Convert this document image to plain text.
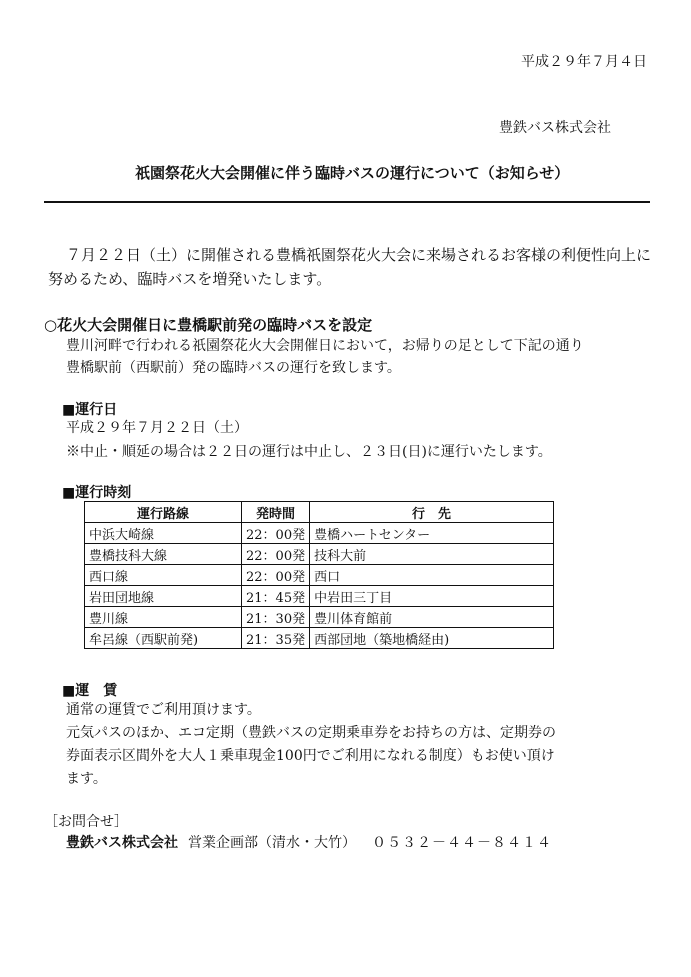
平成２９年７月４日
豊鉄バス株式会社
祇園祭花火大会開催に伴う臨時バスの運行について（お知らせ）
７月２２日（土）に開催される豊橋祇園祭花火大会に来場されるお客様の利便性向上に
努めるため、臨時バスを増発いたします。
○花火大会開催日に豊橋駅前発の臨時バスを設定
豊川河畔で行われる祇園祭花火大会開催日において，お帰りの足として下記の通り
豊橋駅前（西駅前）発の臨時バスの運行を致します。
■運行日
平成２９年７月２２日（土）
※中止・順延の場合は２２日の運行は中止し、２３日(日)に運行いたします。
■運行時刻
運行路線	発時間	行　先
中浜大崎線	22：00発	豊橋ハートセンター
豊橋技科大線	22：00発	技科大前
西口線	22：00発	西口
岩田団地線	21：45発	中岩田三丁目
豊川線	21：30発	豊川体育館前
牟呂線（西駅前発)	21：35発	西部団地（築地橋経由)
■運　賃
通常の運賃でご利用頂けます。
元気パスのほか、エコ定期（豊鉄バスの定期乗車券をお持ちの方は、定期券の
券面表示区間外を大人１乗車現金100円でご利用になれる制度）もお使い頂け
ます。
［お問合せ］
豊鉄バス株式会社 営業企画部（清水・大竹） ０５３２－４４－８４１４
